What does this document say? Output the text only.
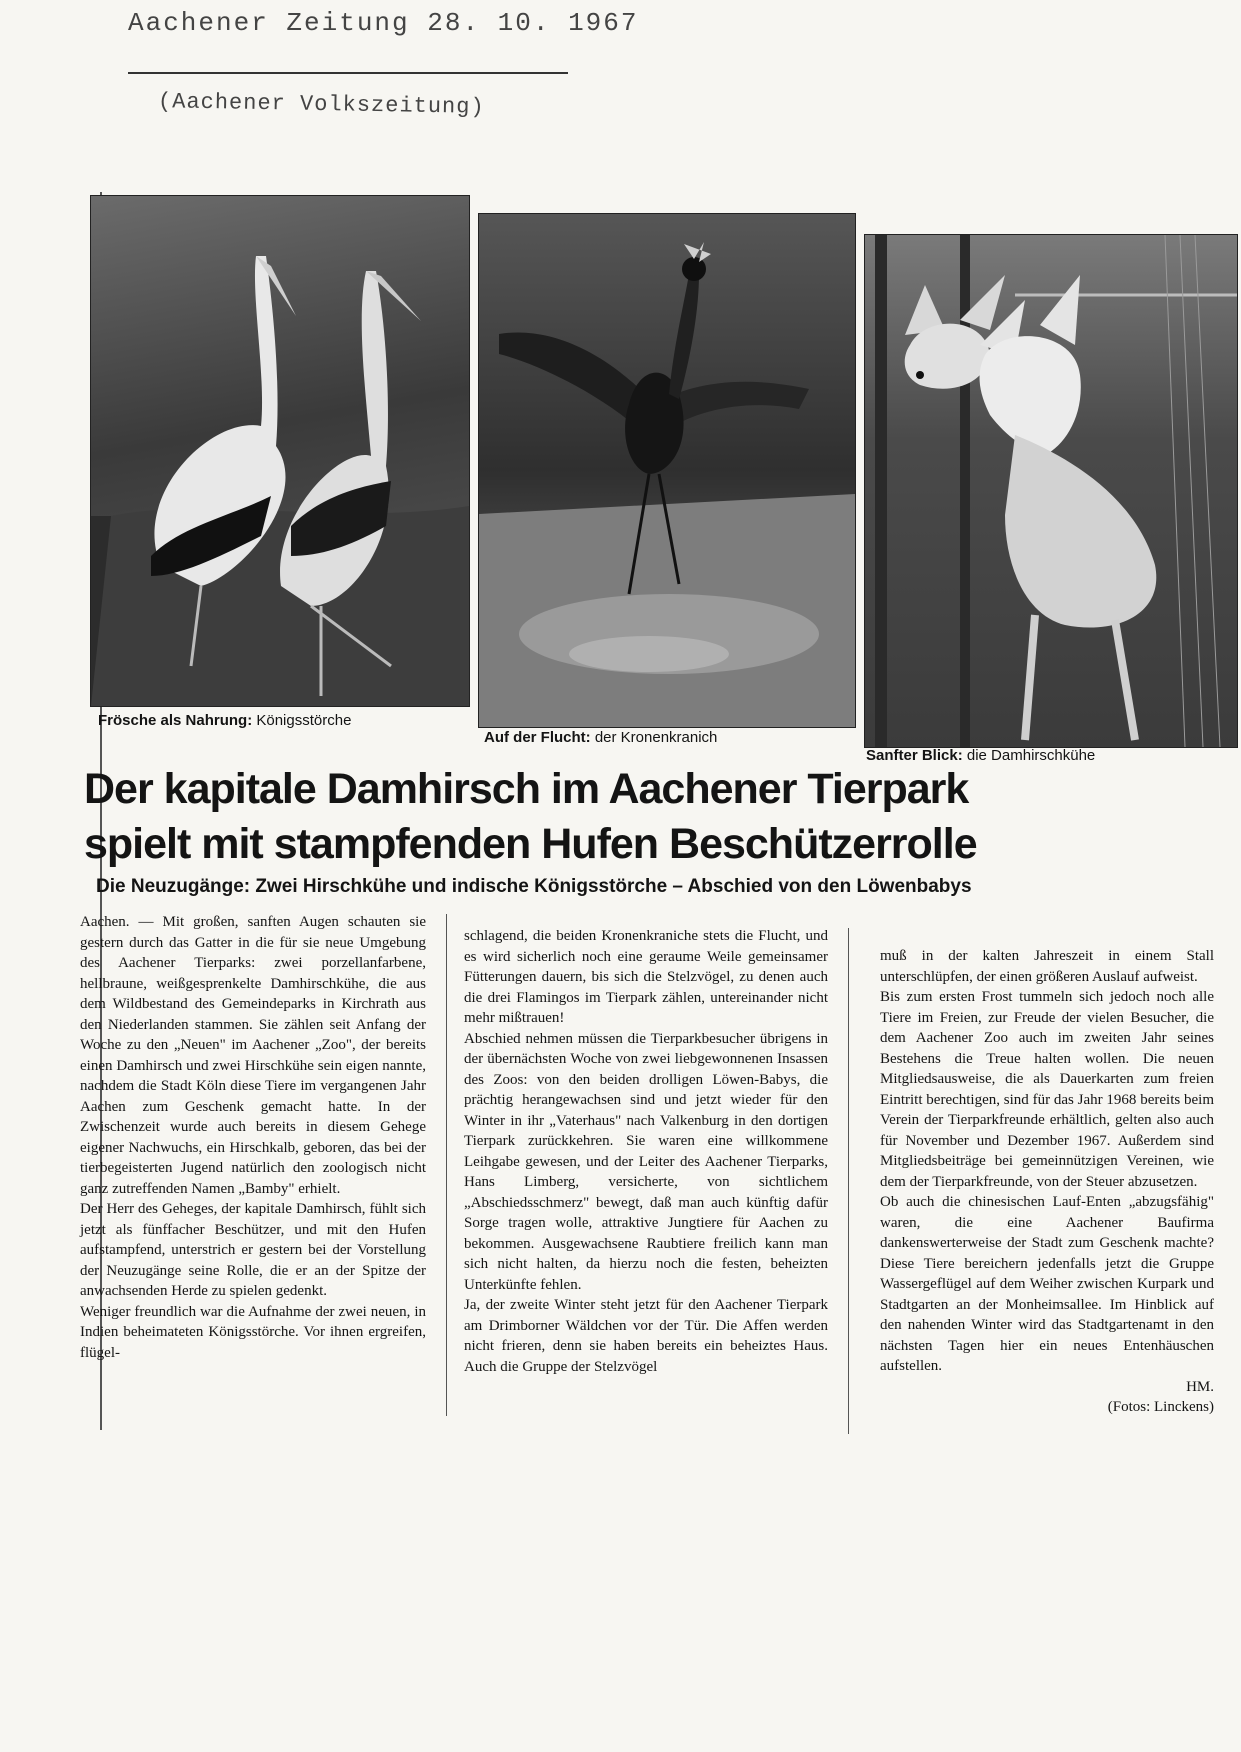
Aachener Zeitung 28. 10. 1967
(Aachener Volkszeitung)
Frösche als Nahrung: Königsstörche
Auf der Flucht: der Kronenkranich
Sanfter Blick: die Damhirschkühe
Der kapitale Damhirsch im Aachener Tierpark
spielt mit stampfenden Hufen Beschützerrolle
Die Neuzugänge: Zwei Hirschkühe und indische Königsstörche – Abschied von den Löwenbabys

Aachen. — Mit großen, sanften Augen schauten sie gestern durch das Gatter in die für sie neue Umgebung des Aachener Tierparks: zwei porzellanfarbene, hellbraune, weißgesprenkelte Damhirschkühe, die aus dem Wildbestand des Gemeindeparks in Kirchrath aus den Niederlanden stammen. Sie zählen seit Anfang der Woche zu den „Neuen" im Aachener „Zoo", der bereits einen Damhirsch und zwei Hirschkühe sein eigen nannte, nachdem die Stadt Köln diese Tiere im vergangenen Jahr Aachen zum Geschenk gemacht hatte. In der Zwischenzeit wurde auch bereits in diesem Gehege eigener Nachwuchs, ein Hirschkalb, geboren, das bei der tierbegeisterten Jugend natürlich den zoologisch nicht ganz zutreffenden Namen „Bamby" erhielt.

Der Herr des Geheges, der kapitale Damhirsch, fühlt sich jetzt als fünffacher Beschützer, und mit den Hufen aufstampfend, unterstrich er gestern bei der Vorstellung der Neuzugänge seine Rolle, die er an der Spitze der anwachsenden Herde zu spielen gedenkt.

Weniger freundlich war die Aufnahme der zwei neuen, in Indien beheimateten Königsstörche. Vor ihnen ergreifen, flügel-

schlagend, die beiden Kronenkraniche stets die Flucht, und es wird sicherlich noch eine geraume Weile gemeinsamer Fütterungen dauern, bis sich die Stelzvögel, zu denen auch die drei Flamingos im Tierpark zählen, untereinander nicht mehr mißtrauen!

Abschied nehmen müssen die Tierparkbesucher übrigens in der übernächsten Woche von zwei liebgewonnenen Insassen des Zoos: von den beiden drolligen Löwen-Babys, die prächtig herangewachsen sind und jetzt wieder für den Winter in ihr „Vaterhaus" nach Valkenburg in den dortigen Tierpark zurückkehren. Sie waren eine willkommene Leihgabe gewesen, und der Leiter des Aachener Tierparks, Hans Limberg, versicherte, von sichtlichem „Abschiedsschmerz" bewegt, daß man auch künftig dafür Sorge tragen wolle, attraktive Jungtiere für Aachen zu bekommen. Ausgewachsene Raubtiere freilich kann man sich nicht halten, da hierzu noch die festen, beheizten Unterkünfte fehlen.

Ja, der zweite Winter steht jetzt für den Aachener Tierpark am Drimborner Wäldchen vor der Tür. Die Affen werden nicht frieren, denn sie haben bereits ein beheiztes Haus. Auch die Gruppe der Stelzvögel

muß in der kalten Jahreszeit in einem Stall unterschlüpfen, der einen größeren Auslauf aufweist.

Bis zum ersten Frost tummeln sich jedoch noch alle Tiere im Freien, zur Freude der vielen Besucher, die dem Aachener Zoo auch im zweiten Jahr seines Bestehens die Treue halten wollen. Die neuen Mitgliedsausweise, die als Dauerkarten zum freien Eintritt berechtigen, sind für das Jahr 1968 bereits beim Verein der Tierparkfreunde erhältlich, gelten also auch für November und Dezember 1967. Außerdem sind Mitgliedsbeiträge bei gemeinnützigen Vereinen, wie dem der Tierparkfreunde, von der Steuer abzusetzen.

Ob auch die chinesischen Lauf-Enten „abzugsfähig" waren, die eine Aachener Baufirma dankenswerterweise der Stadt zum Geschenk machte? Diese Tiere bereichern jedenfalls jetzt die Gruppe Wassergeflügel auf dem Weiher zwischen Kurpark und Stadtgarten an der Monheimsallee. Im Hinblick auf den nahenden Winter wird das Stadtgartenamt in den nächsten Tagen hier ein neues Entenhäuschen aufstellen.

HM.

(Fotos: Linckens)
